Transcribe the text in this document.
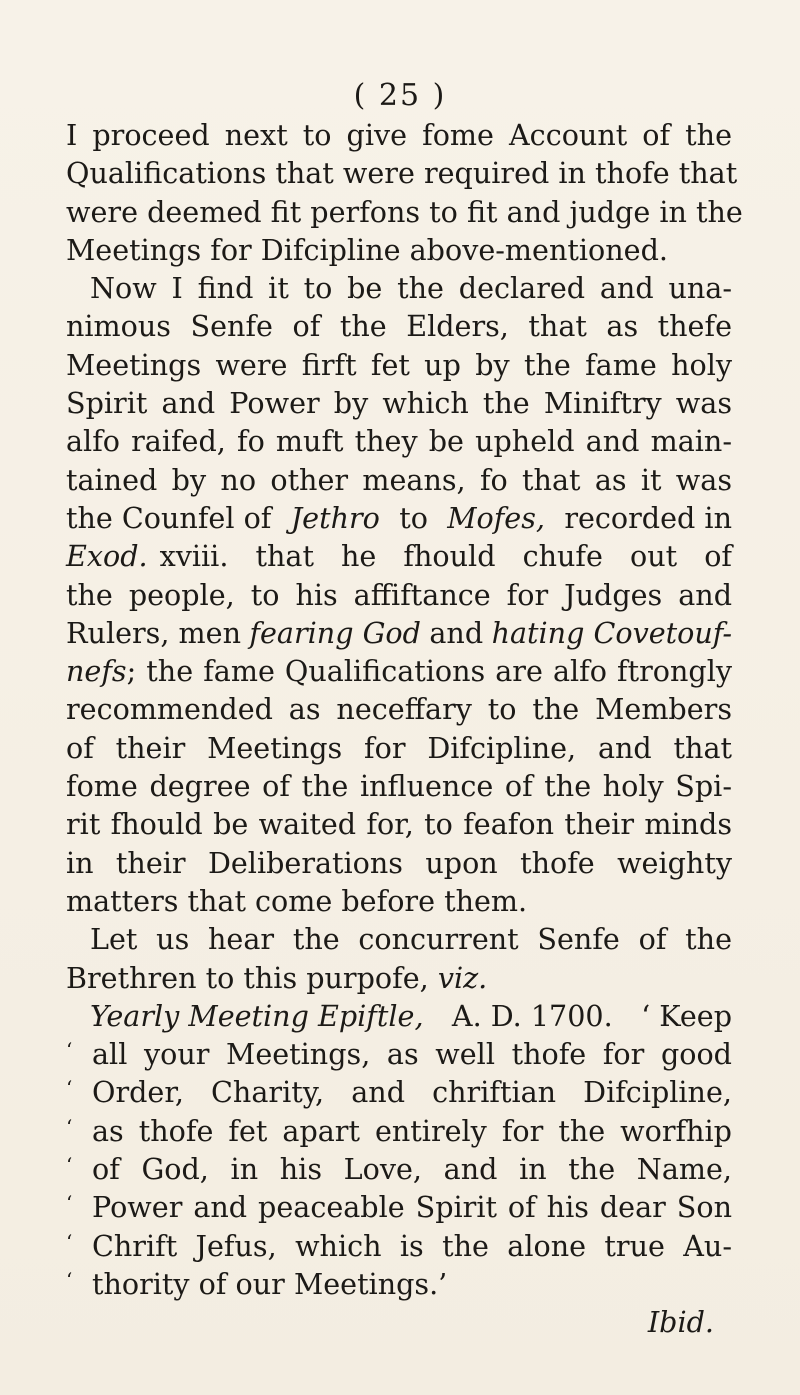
( 25 )
I proceed next to give fome Account of the
Qualifications that were required in thofe that
were deemed fit perfons to fit and judge in the
Meetings for Difcipline above-mentioned.
Now I find it to be the declared and una-
nimous Senfe of the Elders, that as thefe
Meetings were firft fet up by the fame holy
Spirit and Power by which the Miniftry was
alfo raifed, fo muft they be upheld and main-
tained by no other means, fo that as it was
the Counfel of Jethro to Mofes, recorded in
Exod. xviii. that he fhould chufe out of
the people, to his affiftance for Judges and
Rulers, men fearing God and hating Covetouf-
nefs ; the fame Qualifications are alfo ftrongly
recommended as neceffary to the Members
of their Meetings for Difcipline, and that
fome degree of the influence of the holy Spi-
rit fhould be waited for, to feafon their minds
in their Deliberations upon thofe weighty
matters that come before them.
Let us hear the concurrent Senfe of the
Brethren to this purpofe,
viz.
Yearly Meeting Epiftle, A. D. 1700. ‘ Keep
‘ all your Meetings, as well thofe for good
‘ Order, Charity, and chriftian Difcipline,
‘ as thofe fet apart entirely for the worfhip
‘ of God, in his Love, and in the Name,
‘ Power and peaceable Spirit of his dear Son
‘ Chrift Jefus, which is the alone true Au-
‘ thority of our Meetings.’
Ibid.
